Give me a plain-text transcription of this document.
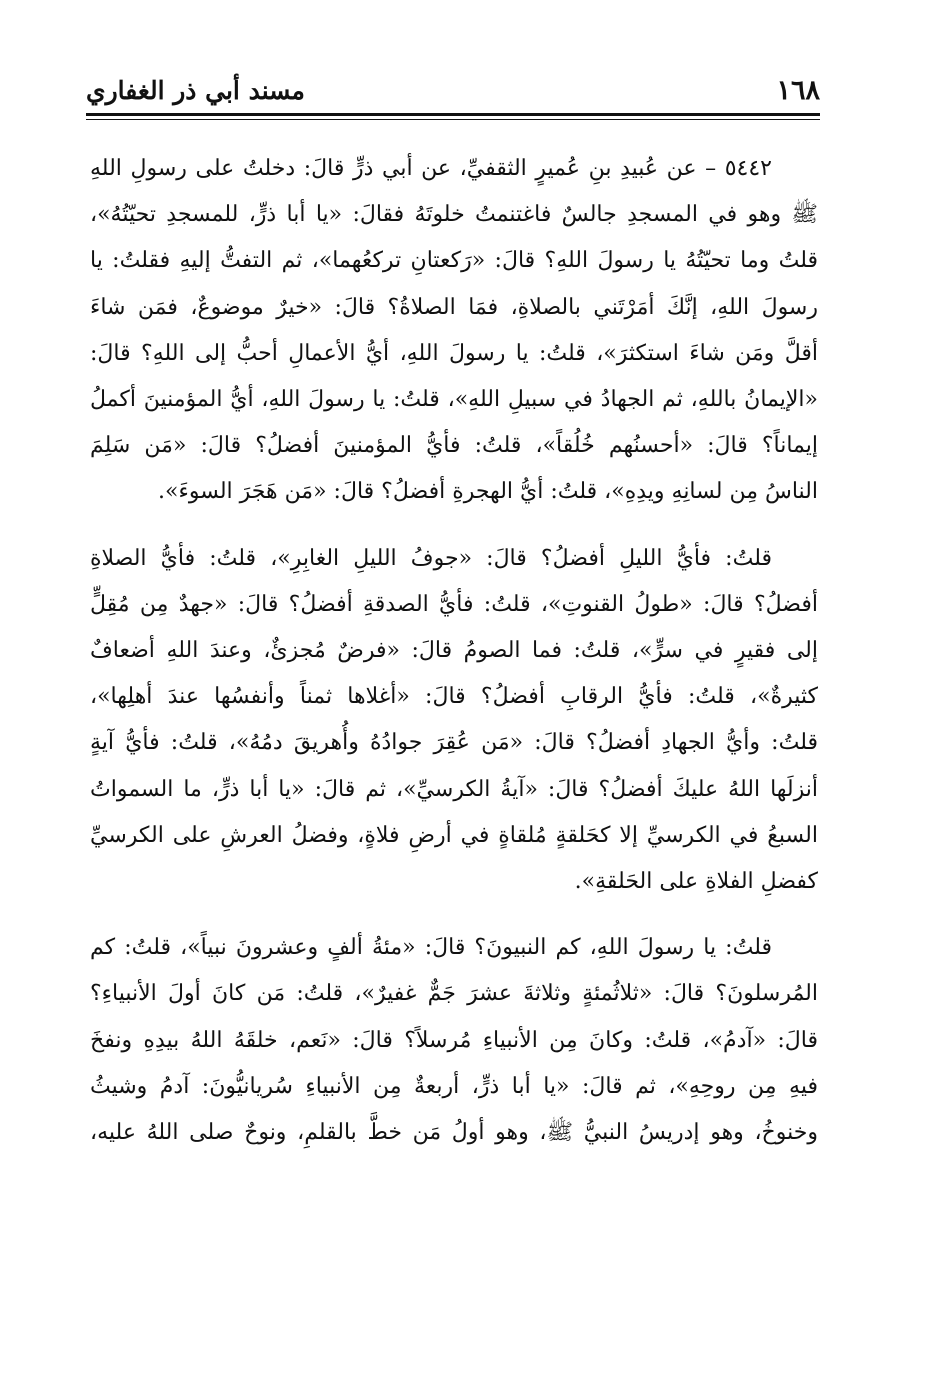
١٦٨
مسند أبي ذر الغفاري

٥٤٤٢ – عن عُبيدِ بنِ عُميرٍ الثقفيِّ، عن أبي ذرٍّ قالَ: دخلتُ على رسولِ اللهِ
ﷺ وهو في المسجدِ جالسٌ فاغتنمتُ خلوتَهُ فقالَ: «يا أبا ذرٍّ، للمسجدِ تحيّتُهُ»،
قلتُ وما تحيّتُهُ يا رسولَ اللهِ؟ قالَ: «رَكعتانِ تركعُهما»، ثم التفتُّ إليهِ فقلتُ: يا
رسولَ اللهِ، إنَّكَ أمَرْتَني بالصلاةِ، فمَا الصلاةُ؟ قالَ: «خيرٌ موضوعٌ، فمَن شاءَ
أقلَّ ومَن شاءَ استكثرَ»، قلتُ: يا رسولَ اللهِ، أيُّ الأعمالِ أحبُّ إلى اللهِ؟ قالَ:
«الإيمانُ باللهِ، ثم الجهادُ في سبيلِ اللهِ»، قلتُ: يا رسولَ اللهِ، أيُّ المؤمنينَ أكملُ
إيماناً؟ قالَ: «أحسنُهم خُلُقاً»، قلتُ: فأيُّ المؤمنينَ أفضلُ؟ قالَ: «مَن سَلِمَ
الناسُ مِن لسانِهِ ويدِهِ»، قلتُ: أيُّ الهجرةِ أفضلُ؟ قالَ: «مَن هَجَرَ السوءَ».

قلتُ: فأيُّ الليلِ أفضلُ؟ قالَ: «جوفُ الليلِ الغابِرِ»، قلتُ: فأيُّ الصلاةِ
أفضلُ؟ قالَ: «طولُ القنوتِ»، قلتُ: فأيُّ الصدقةِ أفضلُ؟ قالَ: «جهدٌ مِن مُقِلٍّ
إلى فقيرٍ في سرٍّ»، قلتُ: فما الصومُ قالَ: «فرضٌ مُجزئٌ، وعندَ اللهِ أضعافٌ
كثيرةٌ»، قلتُ: فأيُّ الرقابِ أفضلُ؟ قالَ: «أغلاها ثمناً وأنفسُها عندَ أهلِها»،
قلتُ: وأيُّ الجهادِ أفضلُ؟ قالَ: «مَن عُقِرَ جوادُهُ وأُهريقَ دمُهُ»، قلتُ: فأيُّ آيةٍ
أنزلَها اللهُ عليكَ أفضلُ؟ قالَ: «آيةُ الكرسيِّ»، ثم قالَ: «يا أبا ذرٍّ، ما السمواتُ
السبعُ في الكرسيِّ إلا كحَلقةٍ مُلقاةٍ في أرضِ فلاةٍ، وفضلُ العرشِ على الكرسيِّ
كفضلِ الفلاةِ على الحَلقةِ».

قلتُ: يا رسولَ اللهِ، كم النبيونَ؟ قالَ: «مئةُ ألفٍ وعشرونَ نبياً»، قلتُ: كم
المُرسلونَ؟ قالَ: «ثلاثُمئةٍ وثلاثةَ عشرَ جَمٌّ غفيرٌ»، قلتُ: مَن كانَ أولَ الأنبياءِ؟
قالَ: «آدمُ»، قلتُ: وكانَ مِن الأنبياءِ مُرسلاً؟ قالَ: «نَعم، خلقَهُ اللهُ بيدِهِ ونفخَ
فيهِ مِن روحِهِ»، ثم قالَ: «يا أبا ذرٍّ، أربعةٌ مِن الأنبياءِ سُريانيُّونَ: آدمُ وشيثُ
وخنوخُ، وهو إدريسُ النبيُّ ﷺ، وهو أولُ مَن خطَّ بالقلمِ، ونوحٌ صلى اللهُ عليه،
